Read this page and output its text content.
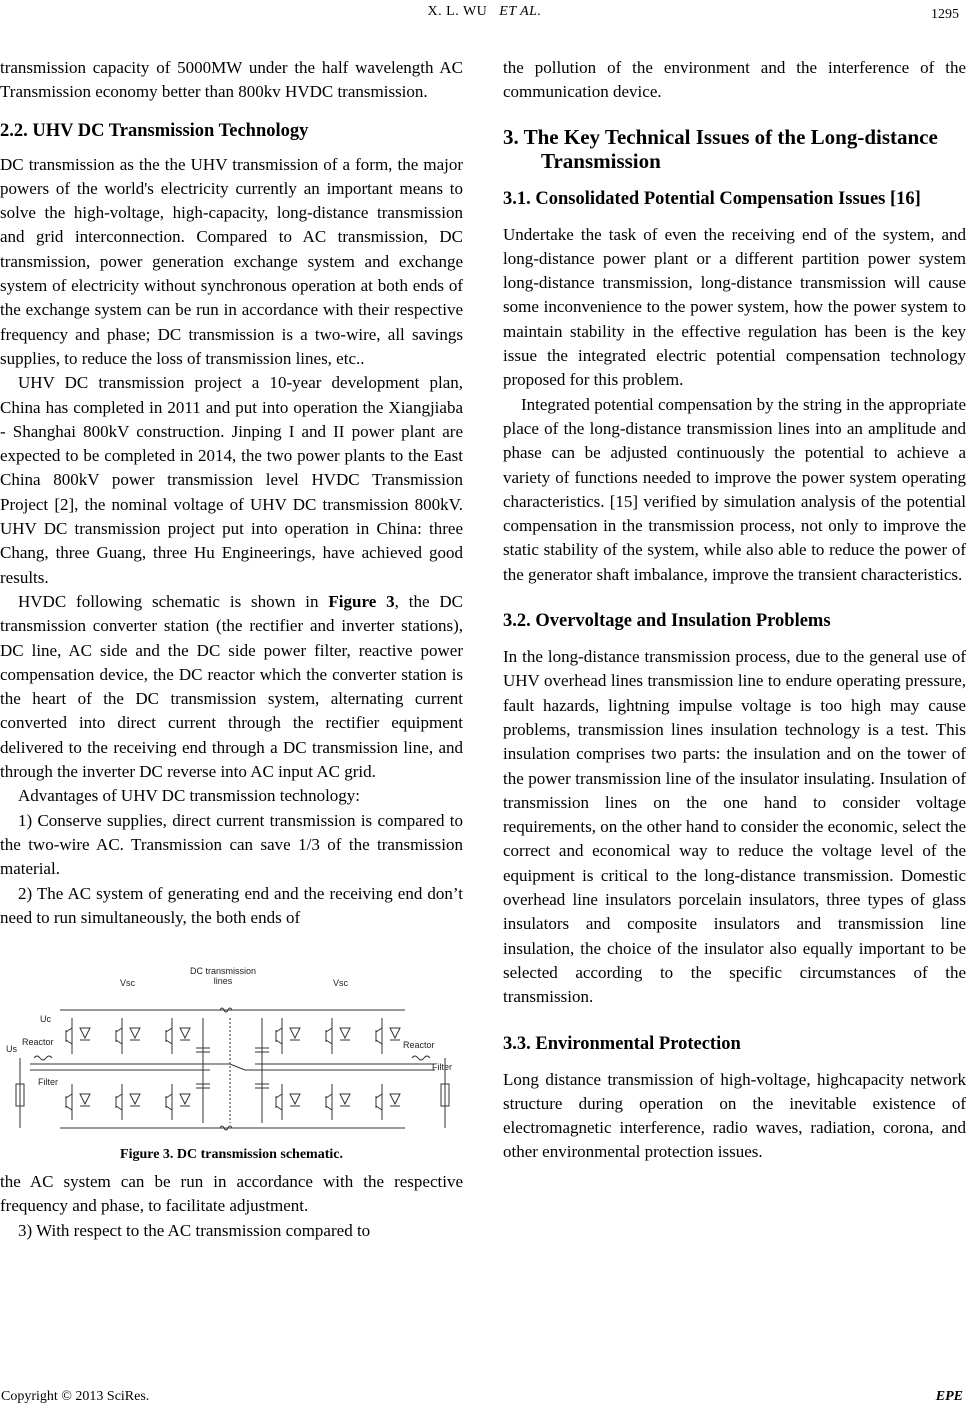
X. L. WU ET AL.	1295

transmission capacity of 5000MW under the half wavelength AC Transmission economy better than 800kv HVDC transmission.

2.2. UHV DC Transmission Technology

DC transmission as the the UHV transmission of a form, the major powers of the world's electricity currently an important means to solve the high-voltage, high-capacity, long-distance transmission and grid interconnection. Compared to AC transmission, DC transmission, power generation exchange system and exchange system of electricity without synchronous operation at both ends of the exchange system can be run in accordance with their respective frequency and phase; DC transmission is a two-wire, all savings supplies, to reduce the loss of transmission lines, etc..

UHV DC transmission project a 10-year development plan, China has completed in 2011 and put into operation the Xiangjiaba - Shanghai 800kV construction. Jinping I and II power plant are expected to be completed in 2014, the two power plants to the East China 800kV power transmission level HVDC Transmission Project [2], the nominal voltage of UHV DC transmission 800kV. UHV DC transmission project put into operation in China: three Chang, three Guang, three Hu Engineerings, have achieved good results.

HVDC following schematic is shown in Figure 3, the DC transmission converter station (the rectifier and inverter stations), DC line, AC side and the DC side power filter, reactive power compensation device, the DC reactor which the converter station is the heart of the DC transmission system, alternating current converted into direct current through the rectifier equipment delivered to the receiving end through a DC transmission line, and through the inverter DC reverse into AC input AC grid.

Advantages of UHV DC transmission technology:

1) Conserve supplies, direct current transmission is compared to the two-wire AC. Transmission can save 1/3 of the transmission material.

2) The AC system of generating end and the receiving end don’t need to run simultaneously, the both ends of

DC transmission
lines
Vsc	Vsc
Uc
Us
Reactor	Reactor
Filter
Filter
Figure 3. DC transmission schematic.

the AC system can be run in accordance with the respective frequency and phase, to facilitate adjustment.

3) With respect to the AC transmission compared to

the pollution of the environment and the interference of the communication device.

3. The Key Technical Issues of the Long-distance Transmission
3.1. Consolidated Potential Compensation Issues [16]

Undertake the task of even the receiving end of the system, and long-distance power plant or a different partition power system long-distance transmission, long-distance transmission will cause some inconvenience to the power system, how the power system to maintain stability in the effective regulation has been is the key issue the integrated electric potential compensation technology proposed for this problem.

Integrated potential compensation by the string in the appropriate place of the long-distance transmission lines into an amplitude and phase can be adjusted continuously the potential to achieve a variety of functions needed to improve the power system operating characteristics. [15] verified by simulation analysis of the potential compensation in the transmission process, not only to improve the static stability of the system, while also able to reduce the power of the generator shaft imbalance, improve the transient characteristics.

3.2. Overvoltage and Insulation Problems

In the long-distance transmission process, due to the general use of UHV overhead lines transmission line to endure operating pressure, fault hazards, lightning impulse voltage is too high may cause problems, transmission lines insulation technology is a test. This insulation comprises two parts: the insulation and on the tower of the power transmission line of the insulator insulating. Insulation of transmission lines on the one hand to consider voltage requirements, on the other hand to consider the economic, select the correct and economical way to reduce the voltage level of the equipment is critical to the long-distance transmission. Domestic overhead line insulators porcelain insulators, three types of glass insulators and composite insulators and transmission line insulation, the choice of the insulator also equally important to be selected according to the specific circumstances of the transmission.

3.3. Environmental Protection

Long distance transmission of high-voltage, highcapacity network structure during operation on the inevitable existence of electromagnetic interference, radio waves, radiation, corona, and other environmental protection issues.

Copyright © 2013 SciRes.	EPE
